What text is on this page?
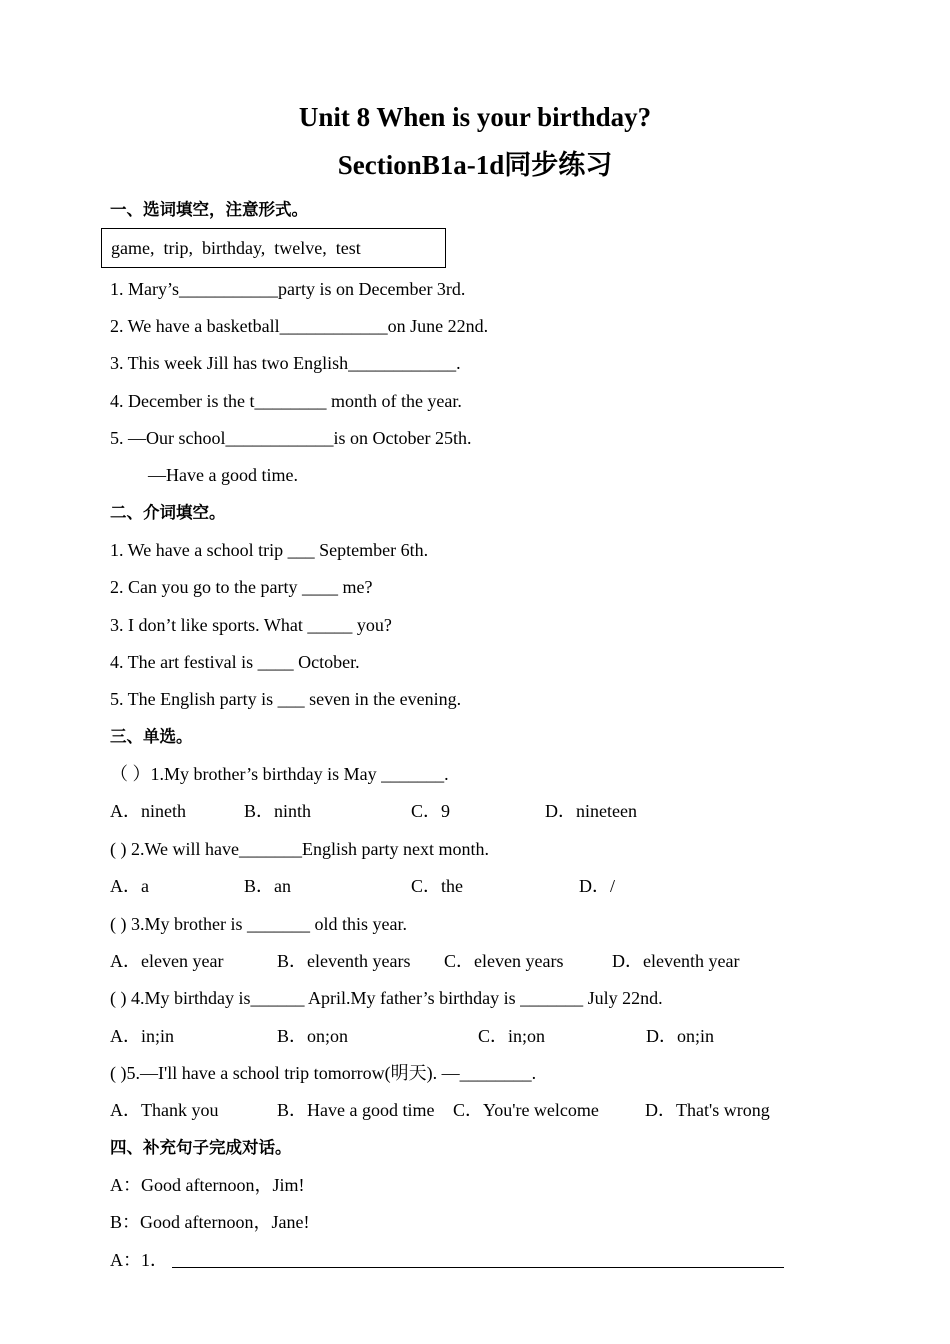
Unit 8 When is your birthday?
SectionB1a-1d同步练习
一、选词填空，注意形式。
game,  trip,  birthday,  twelve,  test
1. Mary’s___________party is on December 3rd.
2. We have a basketball____________on June 22nd.
3. This week Jill has two English____________.
4. December is the t________ month of the year.
5. —Our school____________is on October 25th.
—Have a good time.
二、介词填空。
1. We have a school trip ___ September 6th.
2. Can you go to the party ____ me?
3. I don’t like sports. What _____ you?
4. The art festival is ____ October.
5. The English party is ___ seven in the evening.
三、单选。
（ ）1.My brother’s birthday is May _______.
A．nineth	B．ninth	C．9	D．nineteen
( ) 2.We will have_______English party next month.
A．a	B．an	C．the	D．/
( ) 3.My brother is _______ old this year.
A．eleven year	B．eleventh years C．eleven years	D．eleventh year
( ) 4.My birthday is______ April.My father’s birthday is _______ July 22nd.
A．in;in	B．on;on	C．in;on	D．on;in
( )5.—I'll have a school trip tomorrow(明天). —________.
A．Thank you	B．Have a good time C．You're welcome	D．That's wrong
四、补充句子完成对话。
A：Good afternoon，Jim!
B：Good afternoon，Jane!
A：1．
